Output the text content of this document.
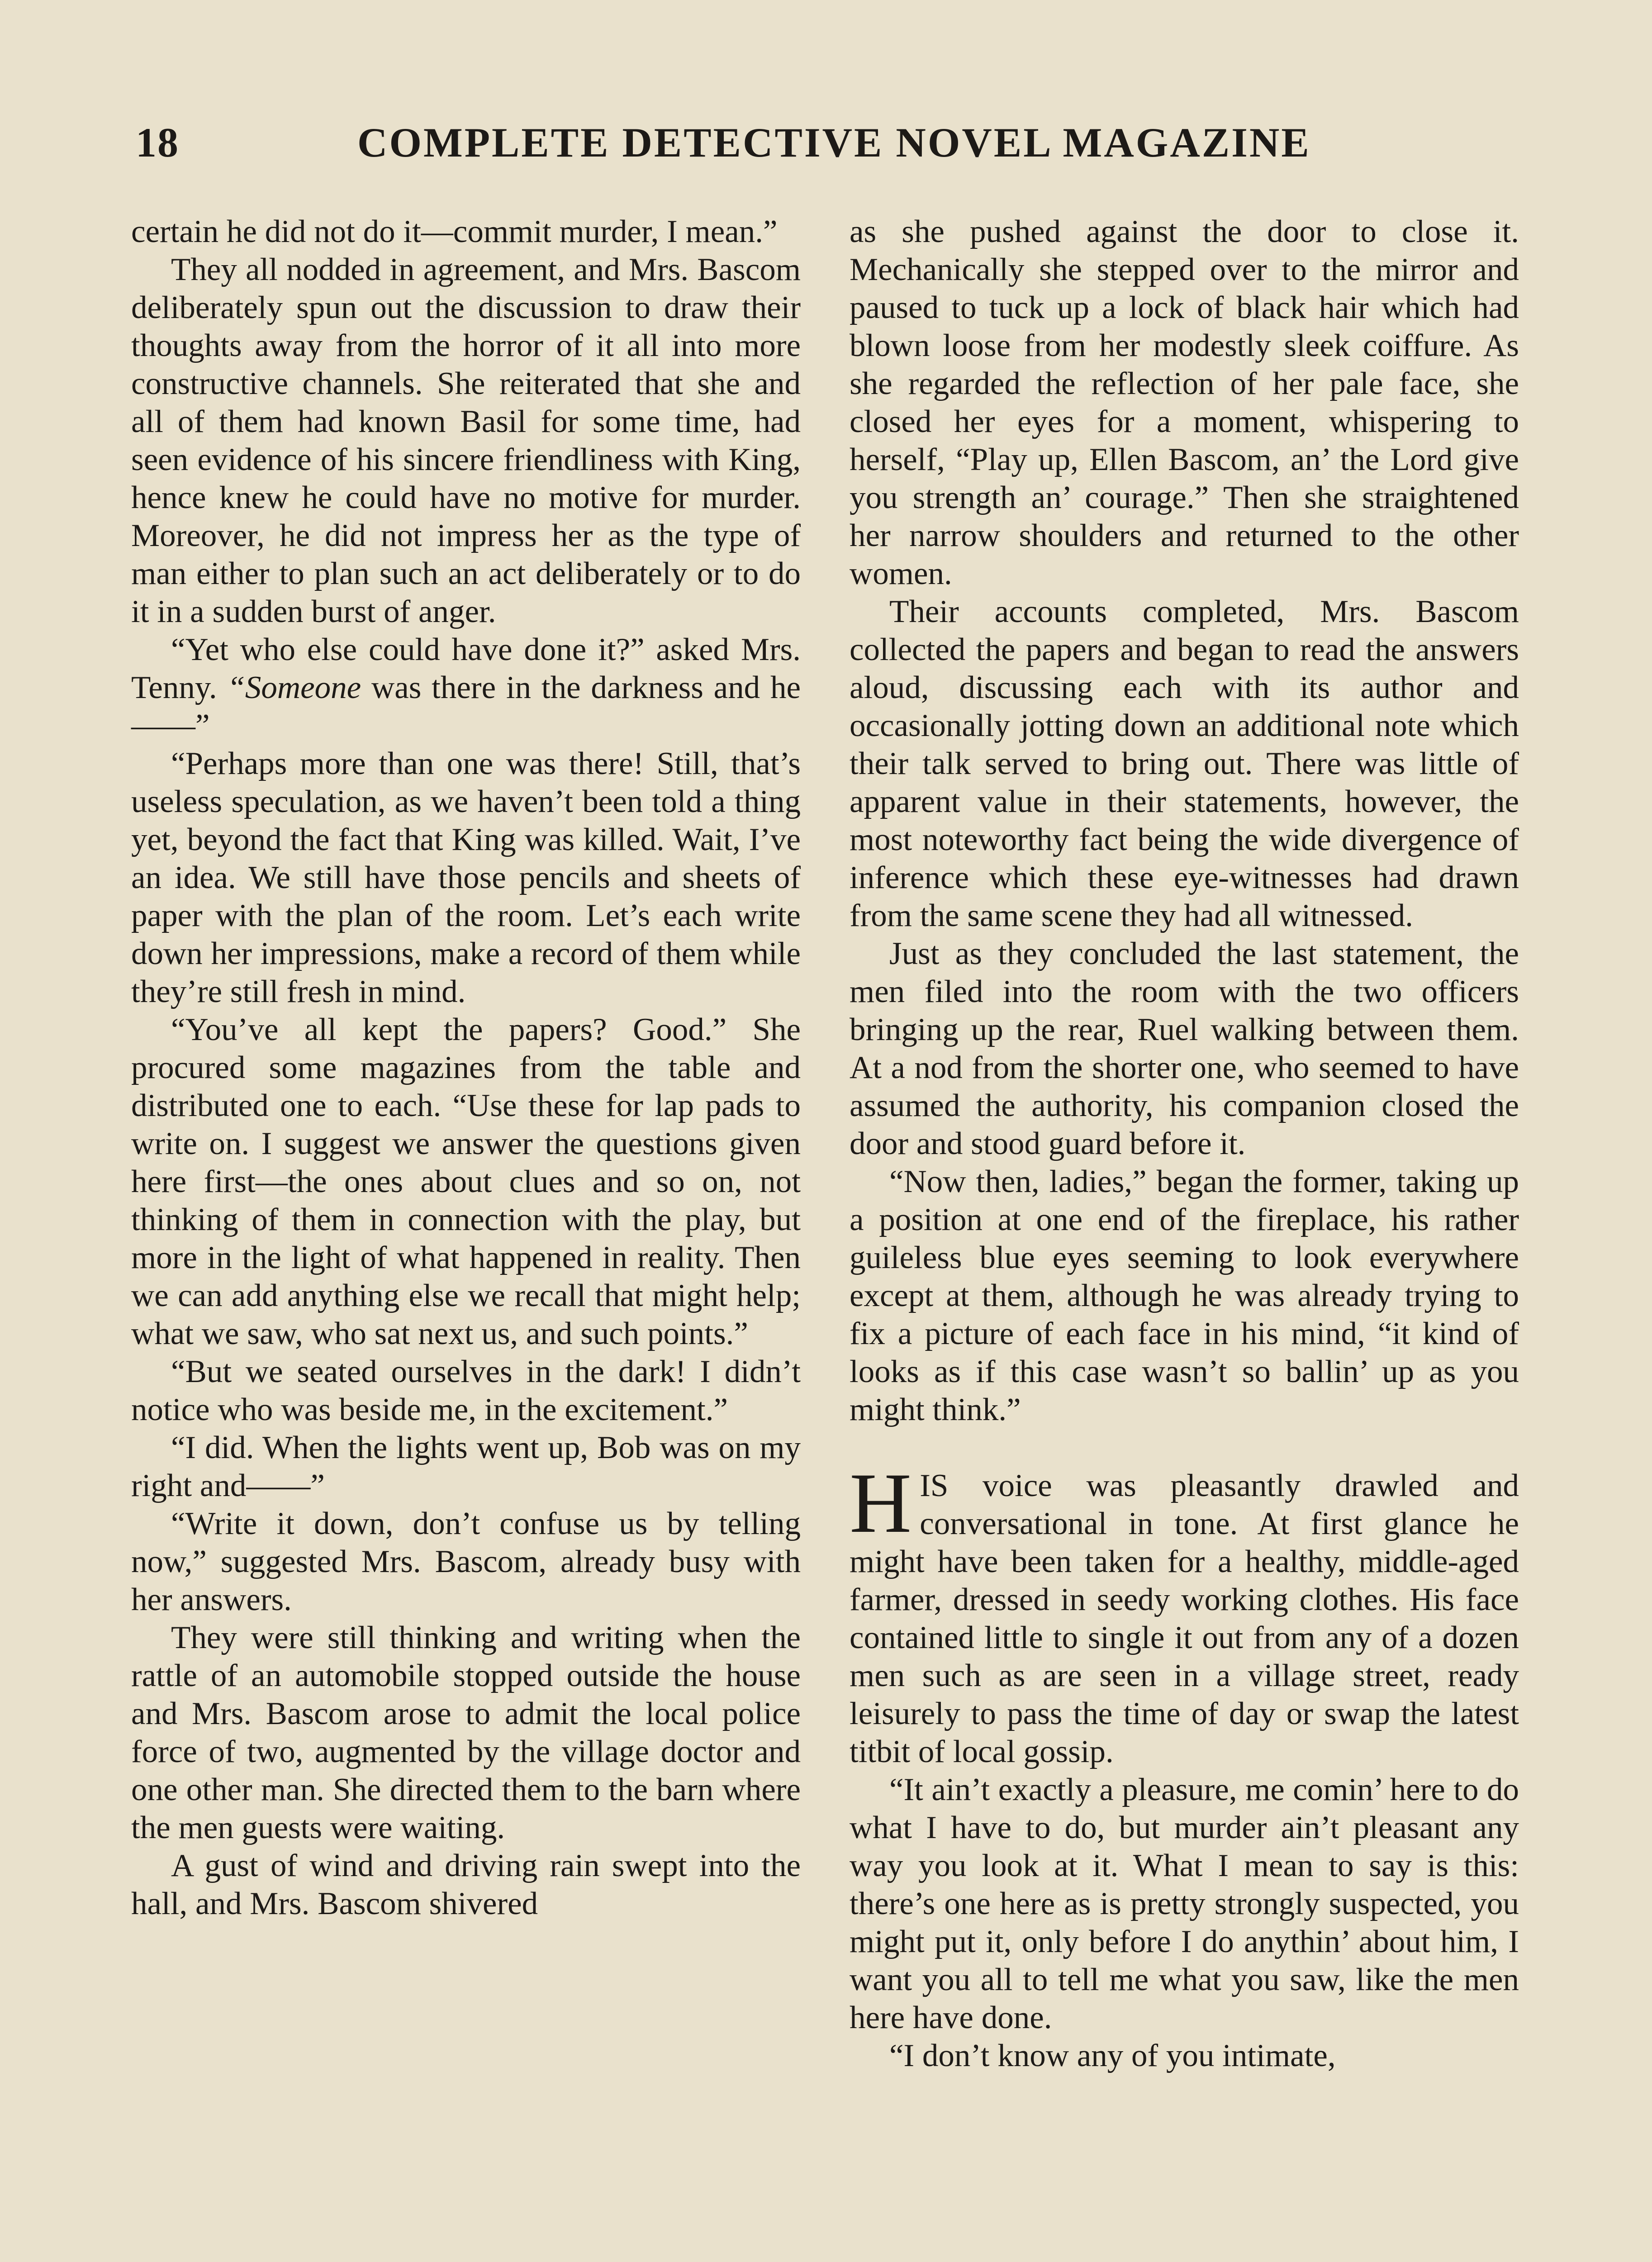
18	COMPLETE DETECTIVE NOVEL MAGAZINE

certain he did not do it—commit murder, I mean.”

They all nodded in agreement, and Mrs. Bascom deliberately spun out the discussion to draw their thoughts away from the horror of it all into more constructive channels. She reiterated that she and all of them had known Basil for some time, had seen evidence of his sincere friendliness with King, hence knew he could have no motive for murder. Moreover, he did not impress her as the type of man either to plan such an act deliberately or to do it in a sudden burst of anger.

“Yet who else could have done it?” asked Mrs. Tenny. “Someone was there in the darkness and he——”

“Perhaps more than one was there! Still, that’s useless speculation, as we haven’t been told a thing yet, beyond the fact that King was killed. Wait, I’ve an idea. We still have those pencils and sheets of paper with the plan of the room. Let’s each write down her impressions, make a record of them while they’re still fresh in mind.

“You’ve all kept the papers? Good.” She procured some magazines from the table and distributed one to each. “Use these for lap pads to write on. I suggest we answer the questions given here first—the ones about clues and so on, not thinking of them in connection with the play, but more in the light of what happened in reality. Then we can add anything else we recall that might help; what we saw, who sat next us, and such points.”

“But we seated ourselves in the dark! I didn’t notice who was beside me, in the excitement.”

“I did. When the lights went up, Bob was on my right and——”

“Write it down, don’t confuse us by telling now,” suggested Mrs. Bascom, already busy with her answers.

They were still thinking and writing when the rattle of an automobile stopped outside the house and Mrs. Bascom arose to admit the local police force of two, augmented by the village doctor and one other man. She directed them to the barn where the men guests were waiting.

A gust of wind and driving rain swept into the hall, and Mrs. Bascom shivered

as she pushed against the door to close it. Mechanically she stepped over to the mirror and paused to tuck up a lock of black hair which had blown loose from her modestly sleek coiffure. As she regarded the reflection of her pale face, she closed her eyes for a moment, whispering to herself, “Play up, Ellen Bascom, an’ the Lord give you strength an’ courage.” Then she straightened her narrow shoulders and returned to the other women.

Their accounts completed, Mrs. Bascom collected the papers and began to read the answers aloud, discussing each with its author and occasionally jotting down an additional note which their talk served to bring out. There was little of apparent value in their statements, however, the most noteworthy fact being the wide divergence of inference which these eye-witnesses had drawn from the same scene they had all witnessed.

Just as they concluded the last statement, the men filed into the room with the two officers bringing up the rear, Ruel walking between them. At a nod from the shorter one, who seemed to have assumed the authority, his companion closed the door and stood guard before it.

“Now then, ladies,” began the former, taking up a position at one end of the fireplace, his rather guileless blue eyes seeming to look everywhere except at them, although he was already trying to fix a picture of each face in his mind, “it kind of looks as if this case wasn’t so ballin’ up as you might think.”

HIS voice was pleasantly drawled and conversational in tone. At first glance he might have been taken for a healthy, middle-aged farmer, dressed in seedy working clothes. His face contained little to single it out from any of a dozen men such as are seen in a village street, ready leisurely to pass the time of day or swap the latest titbit of local gossip.

“It ain’t exactly a pleasure, me comin’ here to do what I have to do, but murder ain’t pleasant any way you look at it. What I mean to say is this: there’s one here as is pretty strongly suspected, you might put it, only before I do anythin’ about him, I want you all to tell me what you saw, like the men here have done.

“I don’t know any of you intimate,
